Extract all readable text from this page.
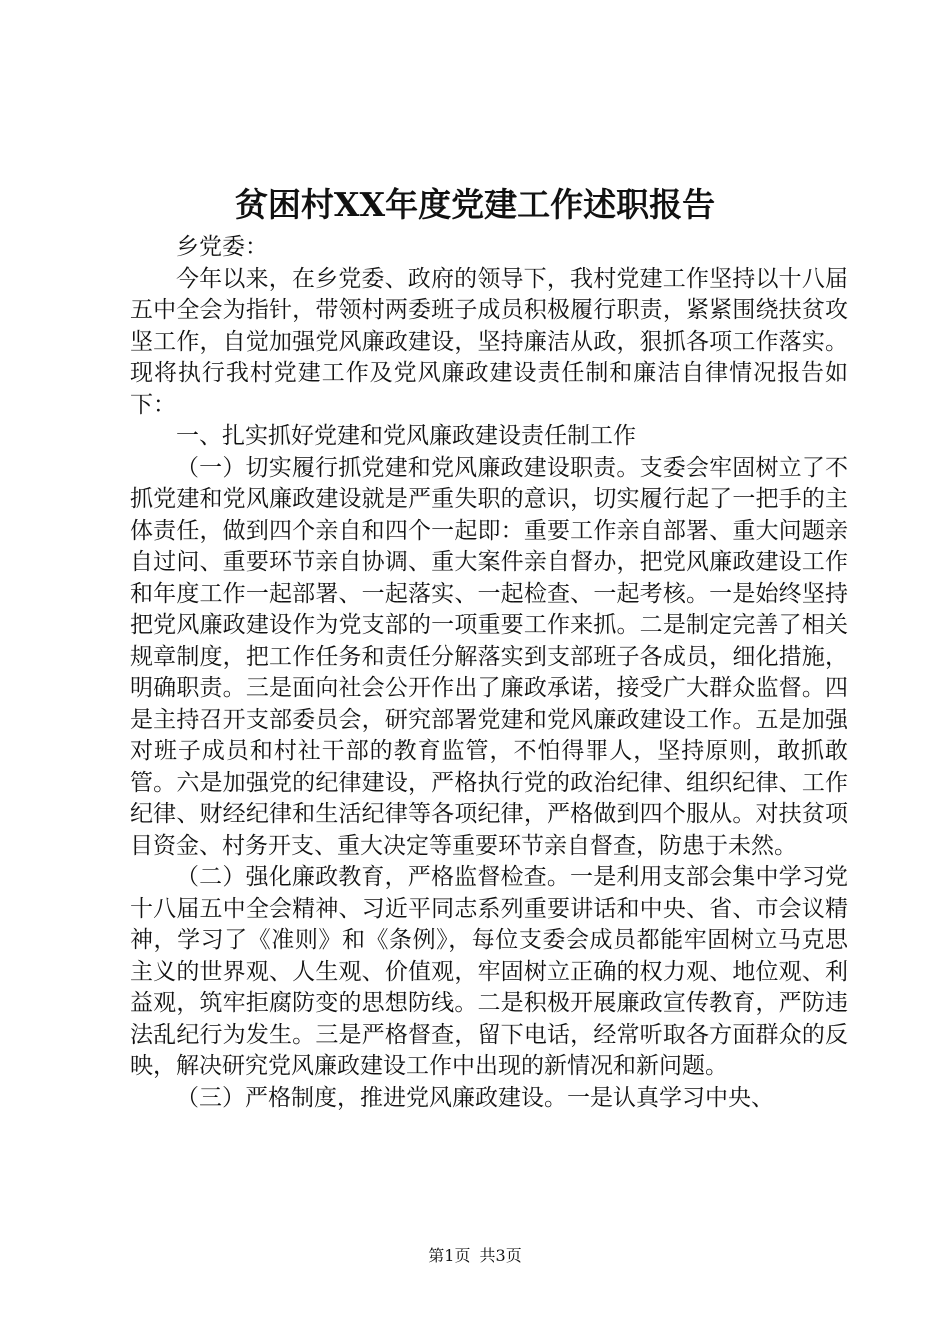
贫困村XX年度党建工作述职报告

乡党委：

今年以来，在乡党委、政府的领导下，我村党建工作坚持以十八届五中全会为指针，带领村两委班子成员积极履行职责，紧紧围绕扶贫攻坚工作，自觉加强党风廉政建设，坚持廉洁从政，狠抓各项工作落实。现将执行我村党建工作及党风廉政建设责任制和廉洁自律情况报告如下：

一、扎实抓好党建和党风廉政建设责任制工作

（一）切实履行抓党建和党风廉政建设职责。支委会牢固树立了不抓党建和党风廉政建设就是严重失职的意识，切实履行起了一把手的主体责任，做到四个亲自和四个一起即：重要工作亲自部署、重大问题亲自过问、重要环节亲自协调、重大案件亲自督办，把党风廉政建设工作和年度工作一起部署、一起落实、一起检查、一起考核。一是始终坚持把党风廉政建设作为党支部的一项重要工作来抓。二是制定完善了相关规章制度，把工作任务和责任分解落实到支部班子各成员，细化措施，明确职责。三是面向社会公开作出了廉政承诺，接受广大群众监督。四是主持召开支部委员会，研究部署党建和党风廉政建设工作。五是加强对班子成员和村社干部的教育监管，不怕得罪人，坚持原则，敢抓敢管。六是加强党的纪律建设，严格执行党的政治纪律、组织纪律、工作纪律、财经纪律和生活纪律等各项纪律，严格做到四个服从。对扶贫项目资金、村务开支、重大决定等重要环节亲自督查，防患于未然。

（二）强化廉政教育，严格监督检查。一是利用支部会集中学习党十八届五中全会精神、习近平同志系列重要讲话和中央、省、市会议精神，学习了《准则》和《条例》，每位支委会成员都能牢固树立马克思主义的世界观、人生观、价值观，牢固树立正确的权力观、地位观、利益观，筑牢拒腐防变的思想防线。二是积极开展廉政宣传教育，严防违法乱纪行为发生。三是严格督查，留下电话，经常听取各方面群众的反映，解决研究党风廉政建设工作中出现的新情况和新问题。

（三）严格制度，推进党风廉政建设。一是认真学习中央、

第1页 共3页
